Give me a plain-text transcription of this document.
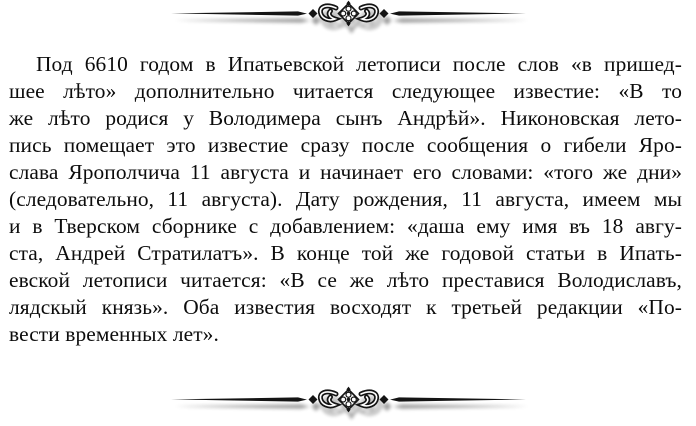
Под 6610 годом в Ипатьевской летописи после слов «в пришед-
шее лѣто» дополнительно читается следующее известие: «В то
же лѣто родися у Володимера сынъ Андрѣй». Никоновская лето-
пись помещает это известие сразу после сообщения о гибели Яро-
слава Ярополчича 11 августа и начинает его словами: «того же дни»
(следовательно, 11 августа). Дату рождения, 11 августа, имеем мы
и в Тверском сборнике с добавлением: «даша ему имя въ 18 авгу-
ста, Андрей Стратилатъ». В конце той же годовой статьи в Ипать-
евской летописи читается: «В се же лѣто преставися Володиславъ,
лядскый князь». Оба известия восходят к третьей редакции «По-
вести временных лет».
